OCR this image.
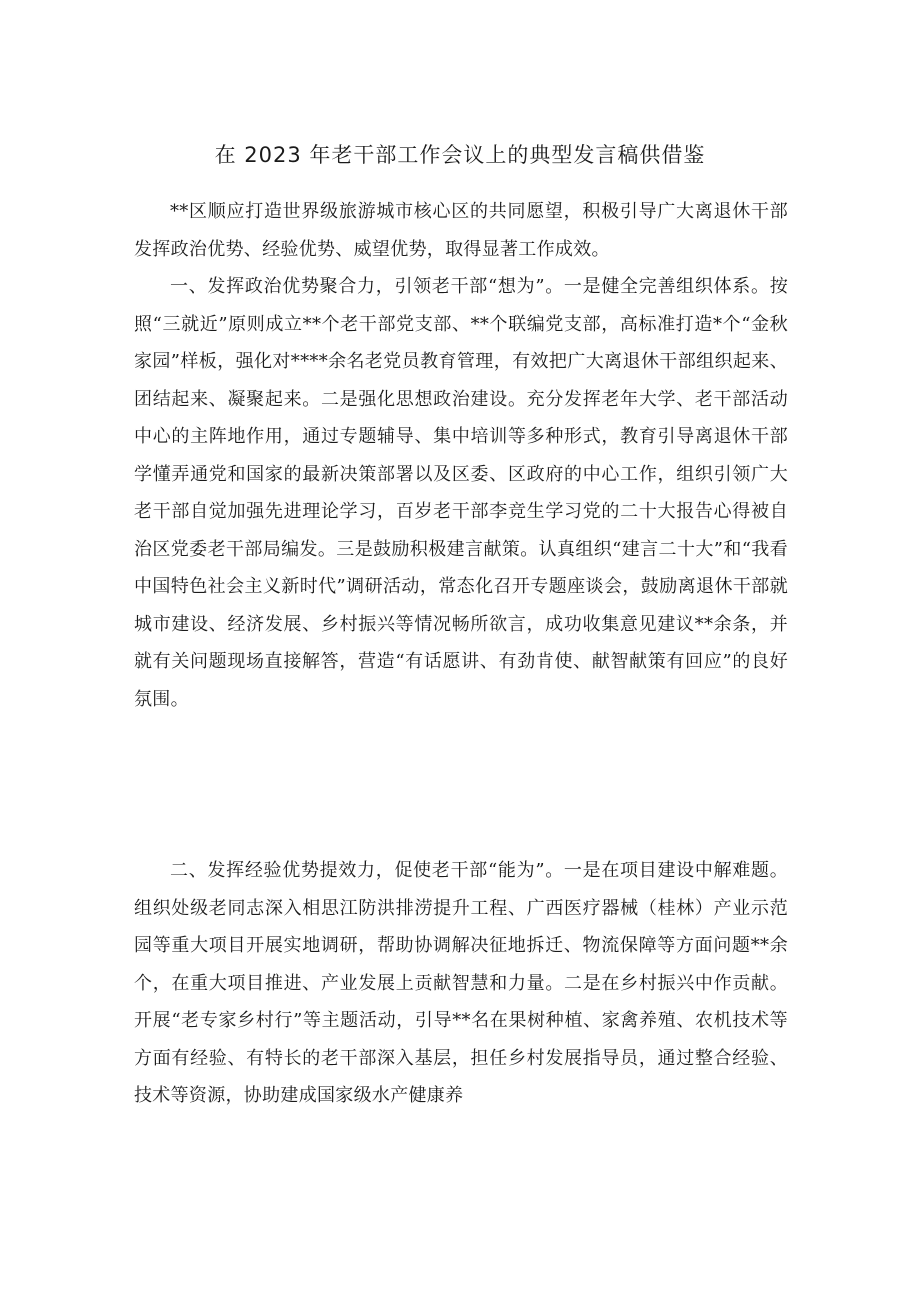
在 2023 年老干部工作会议上的典型发言稿供借鉴

**区顺应打造世界级旅游城市核心区的共同愿望，积极引导广大离退休干部发挥政治优势、经验优势、威望优势，取得显著工作成效。

一、发挥政治优势聚合力，引领老干部“想为”。一是健全完善组织体系。按照“三就近”原则成立**个老干部党支部、**个联编党支部，高标准打造*个“金秋家园”样板，强化对****余名老党员教育管理，有效把广大离退休干部组织起来、团结起来、凝聚起来。二是强化思想政治建设。充分发挥老年大学、老干部活动中心的主阵地作用，通过专题辅导、集中培训等多种形式，教育引导离退休干部学懂弄通党和国家的最新决策部署以及区委、区政府的中心工作，组织引领广大老干部自觉加强先进理论学习，百岁老干部李竞生学习党的二十大报告心得被自治区党委老干部局编发。三是鼓励积极建言献策。认真组织“建言二十大”和“我看中国特色社会主义新时代”调研活动，常态化召开专题座谈会，鼓励离退休干部就城市建设、经济发展、乡村振兴等情况畅所欲言，成功收集意见建议**余条，并就有关问题现场直接解答，营造“有话愿讲、有劲肯使、献智献策有回应”的良好氛围。

二、发挥经验优势提效力，促使老干部“能为”。一是在项目建设中解难题。组织处级老同志深入相思江防洪排涝提升工程、广西医疗器械（桂林）产业示范园等重大项目开展实地调研，帮助协调解决征地拆迁、物流保障等方面问题**余个，在重大项目推进、产业发展上贡献智慧和力量。二是在乡村振兴中作贡献。开展“老专家乡村行”等主题活动，引导**名在果树种植、家禽养殖、农机技术等方面有经验、有特长的老干部深入基层，担任乡村发展指导员，通过整合经验、技术等资源，协助建成国家级水产健康养
